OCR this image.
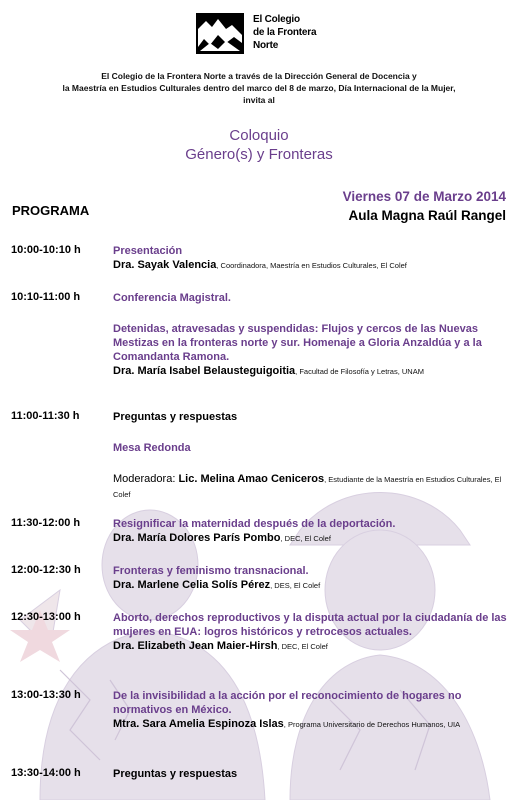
El Colegio
de la Frontera
Norte
El Colegio de la Frontera Norte a través de la Dirección General de Docencia y
la Maestría en Estudios Culturales dentro del marco del 8 de marzo, Día Internacional de la Mujer,
invita al
Coloquio
Género(s) y Fronteras
Viernes 07 de Marzo 2014
Aula Magna Raúl Rangel
PROGRAMA
10:00-10:10 h	Presentación
Dra. Sayak Valencia, Coordinadora, Maestría en Estudios Culturales, El Colef
10:10-11:00 h	Conferencia Magistral.
Detenidas, atravesadas y suspendidas: Flujos y cercos de las Nuevas Mestizas en la fronteras norte y sur. Homenaje a Gloria Anzaldúa y a la Comandanta Ramona.
Dra. María Isabel Belausteguigoitia, Facultad de Filosofía y Letras, UNAM
11:00-11:30 h	Preguntas y respuestas
Mesa Redonda
Moderadora: Lic. Melina Amao Ceniceros, Estudiante de la Maestría en Estudios Culturales, El Colef
11:30-12:00 h	Resignificar la maternidad después de la deportación.
Dra. María Dolores París Pombo, DEC, El Colef
12:00-12:30 h	Fronteras y feminismo transnacional.
Dra. Marlene Celia Solís Pérez, DES, El Colef
12:30-13:00 h	Aborto, derechos reproductivos y la disputa actual por la ciudadanía de las mujeres en EUA: logros históricos y retrocesos actuales.
Dra. Elizabeth Jean Maier-Hirsh, DEC, El Colef
13:00-13:30 h	De la invisibilidad a la acción por el reconocimiento de hogares no normativos en México.
Mtra. Sara Amelia Espinoza Islas, Programa Universitario de Derechos Humanos, UIA
13:30-14:00 h	Preguntas y respuestas
